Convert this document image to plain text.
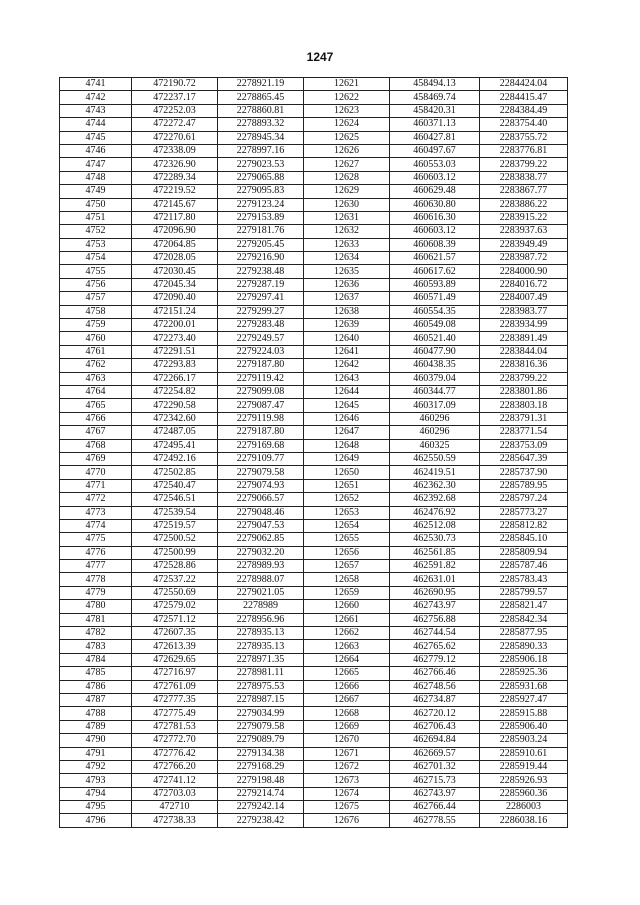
1247
4741	472190.72	2278921.19	12621	458494.13	2284424.04
4742	472237.17	2278865.45	12622	458469.74	2284415.47
4743	472252.03	2278860.81	12623	458420.31	2284384.49
4744	472272.47	2278893.32	12624	460371.13	2283754.40
4745	472270.61	2278945.34	12625	460427.81	2283755.72
4746	472338.09	2278997.16	12626	460497.67	2283776.81
4747	472326.90	2279023.53	12627	460553.03	2283799.22
4748	472289.34	2279065.88	12628	460603.12	2283838.77
4749	472219.52	2279095.83	12629	460629.48	2283867.77
4750	472145.67	2279123.24	12630	460630.80	2283886.22
4751	472117.80	2279153.89	12631	460616.30	2283915.22
4752	472096.90	2279181.76	12632	460603.12	2283937.63
4753	472064.85	2279205.45	12633	460608.39	2283949.49
4754	472028.05	2279216.90	12634	460621.57	2283987.72
4755	472030.45	2279238.48	12635	460617.62	2284000.90
4756	472045.34	2279287.19	12636	460593.89	2284016.72
4757	472090.40	2279297.41	12637	460571.49	2284007.49
4758	472151.24	2279299.27	12638	460554.35	2283983.77
4759	472200.01	2279283.48	12639	460549.08	2283934.99
4760	472273.40	2279249.57	12640	460521.40	2283891.49
4761	472291.51	2279224.03	12641	460477.90	2283844.04
4762	472293.83	2279187.80	12642	460438.35	2283816.36
4763	472266.17	2279119.42	12643	460379.04	2283799.22
4764	472254.82	2279099.08	12644	460344.77	2283801.86
4765	472290.58	2279087.47	12645	460317.09	2283803.18
4766	472342.60	2279119.98	12646	460296	2283791.31
4767	472487.05	2279187.80	12647	460296	2283771.54
4768	472495.41	2279169.68	12648	460325	2283753.09
4769	472492.16	2279109.77	12649	462550.59	2285647.39
4770	472502.85	2279079.58	12650	462419.51	2285737.90
4771	472540.47	2279074.93	12651	462362.30	2285789.95
4772	472546.51	2279066.57	12652	462392.68	2285797.24
4773	472539.54	2279048.46	12653	462476.92	2285773.27
4774	472519.57	2279047.53	12654	462512.08	2285812.82
4775	472500.52	2279062.85	12655	462530.73	2285845.10
4776	472500.99	2279032.20	12656	462561.85	2285809.94
4777	472528.86	2278989.93	12657	462591.82	2285787.46
4778	472537.22	2278988.07	12658	462631.01	2285783.43
4779	472550.69	2279021.05	12659	462690.95	2285799.57
4780	472579.02	2278989	12660	462743.97	2285821.47
4781	472571.12	2278956.96	12661	462756.88	2285842.34
4782	472607.35	2278935.13	12662	462744.54	2285877.95
4783	472613.39	2278935.13	12663	462765.62	2285890.33
4784	472629.65	2278971.35	12664	462779.12	2285906.18
4785	472716.97	2278981.11	12665	462766.46	2285925.36
4786	472761.09	2278975.53	12666	462748.56	2285931.68
4787	472777.35	2278987.15	12667	462734.87	2285927.47
4788	472775.49	2279034.99	12668	462720.12	2285915.88
4789	472781.53	2279079.58	12669	462706.43	2285906.40
4790	472772.70	2279089.79	12670	462694.84	2285903.24
4791	472776.42	2279134.38	12671	462669.57	2285910.61
4792	472766.20	2279168.29	12672	462701.32	2285919.44
4793	472741.12	2279198.48	12673	462715.73	2285926.93
4794	472703.03	2279214.74	12674	462743.97	2285960.36
4795	472710	2279242.14	12675	462766.44	2286003
4796	472738.33	2279238.42	12676	462778.55	2286038.16
